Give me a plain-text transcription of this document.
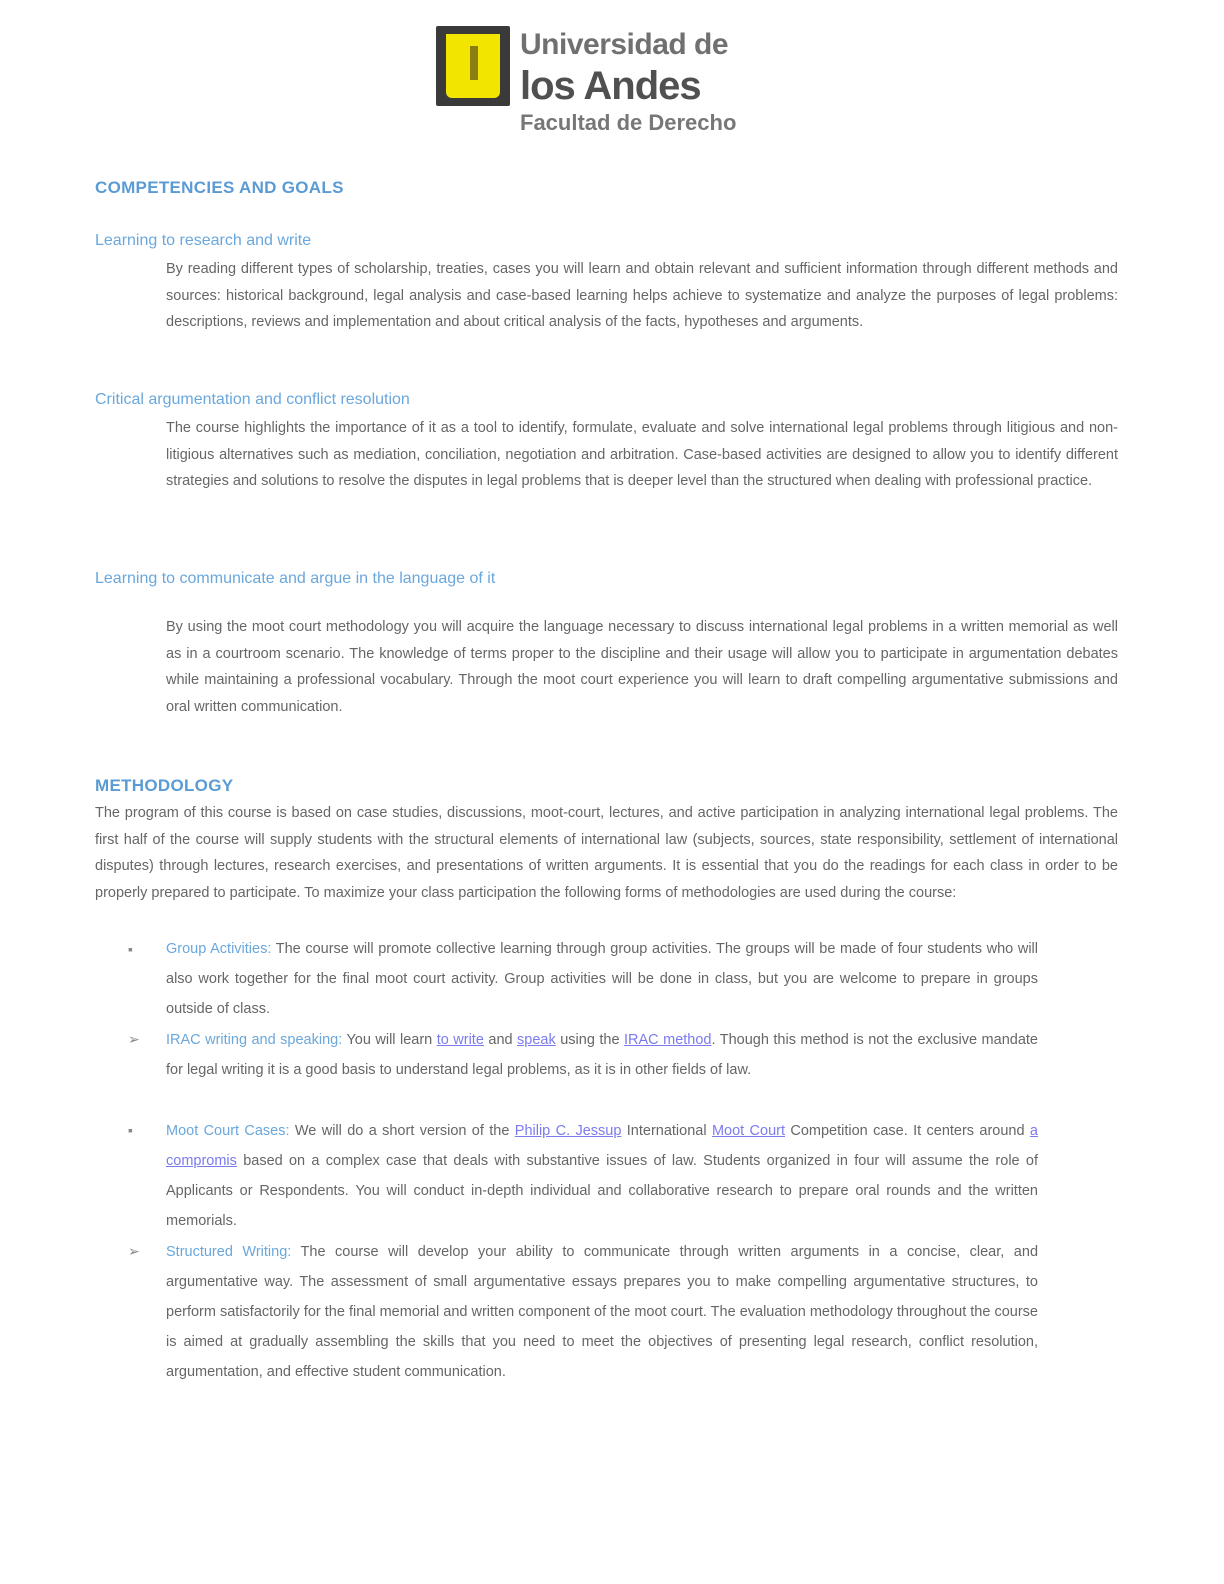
Universidad de
los Andes
Facultad de Derecho
COMPETENCIES AND GOALS
Learning to research and write
By reading different types of scholarship, treaties, cases you will learn and obtain relevant and sufficient information through different methods and sources: historical background, legal analysis and case-based learning helps achieve to systematize and analyze the purposes of legal problems: descriptions, reviews and implementation and about critical analysis of the facts, hypotheses and arguments.
Critical argumentation and conflict resolution
The course highlights the importance of it as a tool to identify, formulate, evaluate and solve international legal problems through litigious and non-litigious alternatives such as mediation, conciliation, negotiation and arbitration. Case-based activities are designed to allow you to identify different strategies and solutions to resolve the disputes in legal problems that is deeper level than the structured when dealing with professional practice.
Learning to communicate and argue in the language of it
By using the moot court methodology you will acquire the language necessary to discuss international legal problems in a written memorial as well as in a courtroom scenario. The knowledge of terms proper to the discipline and their usage will allow you to participate in argumentation debates while maintaining a professional vocabulary. Through the moot court experience you will learn to draft compelling argumentative submissions and oral written communication.
METHODOLOGY
The program of this course is based on case studies, discussions, moot-court, lectures, and active participation in analyzing international legal problems. The first half of the course will supply students with the structural elements of international law (subjects, sources, state responsibility, settlement of international disputes) through lectures, research exercises, and presentations of written arguments. It is essential that you do the readings for each class in order to be properly prepared to participate. To maximize your class participation the following forms of methodologies are used during the course:
▪ Group Activities: The course will promote collective learning through group activities. The groups will be made of four students who will also work together for the final moot court activity. Group activities will be done in class, but you are welcome to prepare in groups outside of class.
➢ IRAC writing and speaking: You will learn to write and speak using the IRAC method. Though this method is not the exclusive mandate for legal writing it is a good basis to understand legal problems, as it is in other fields of law.
▪ Moot Court Cases: We will do a short version of the Philip C. Jessup International Moot Court Competition case. It centers around a compromis based on a complex case that deals with substantive issues of law. Students organized in four will assume the role of Applicants or Respondents. You will conduct in-depth individual and collaborative research to prepare oral rounds and the written memorials.
➢ Structured Writing: The course will develop your ability to communicate through written arguments in a concise, clear, and argumentative way. The assessment of small argumentative essays prepares you to make compelling argumentative structures, to perform satisfactorily for the final memorial and written component of the moot court. The evaluation methodology throughout the course is aimed at gradually assembling the skills that you need to meet the objectives of presenting legal research, conflict resolution, argumentation, and effective student communication.
